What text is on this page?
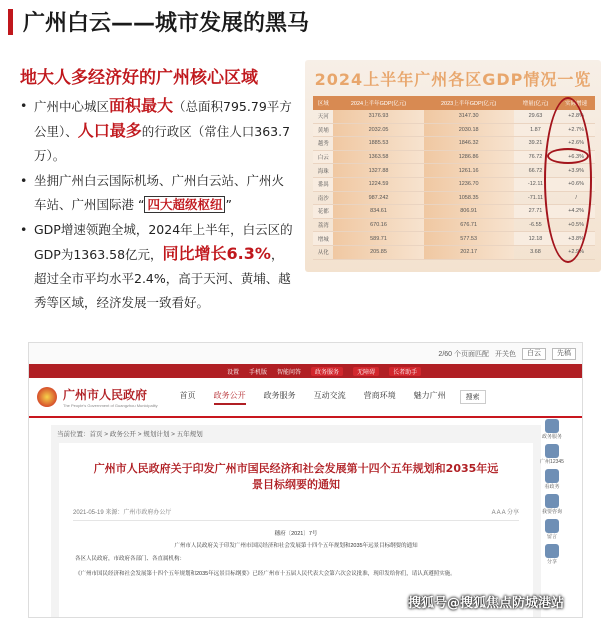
广州白云——城市发展的黑马
地大人多经济好的广州核心区域
• 广州中心城区面积最大（总面积795.79平方公里）、人口最多的行政区（常住人口363.7万）。
• 坐拥广州白云国际机场、广州白云站、广州火车站、广州国际港 “ 四大超级枢纽 ”
• GDP增速领跑全城，2024年上半年，白云区的GDP为1363.58亿元，同比增长6.3%，超过全市平均水平2.4%，高于天河、黄埔、越秀等区域，经济发展一致看好。
2024上半年广州各区GDP情况一览
区域	2024上半年GDP(亿元)	2023上半年GDP(亿元)	增量(亿元)	实际增速
天河	3176.93	3147.30	29.63	+2.8%
黄埔	2032.05	2030.18	1.87	+2.7%
越秀	1885.53	1846.32	39.21	+2.6%
白云	1363.58	1286.86	76.72	+6.3%
海珠	1327.88	1261.16	66.72	+3.9%
番禺	1224.59	1236.70	-12.11	+0.6%
南沙	987.242	1058.35	-71.11	/
花都	834.61	806.91	27.71	+4.2%
荔湾	670.16	676.71	-6.55	+0.5%
增城	589.71	577.53	12.18	+3.8%
从化	205.85	202.17	3.68	+2.9%
2/60 个页面匹配 开关色	白云	先稿
设置 手机版 智能问答	政务服务	无障碍	长者助手
广州市人民政府
The People's Government of Guangzhou Municipality
首页 政务公开 政务服务 互动交流 营商环境 魅力广州	搜索
当前位置：首页 > 政务公开 > 规划计划 > 五年规划
广州市人民政府关于印发广州市国民经济和社会发展第十四个五年规划和2035年远景目标纲要的通知
2021-05-19 来源：广州市政府办公厅	A A A 分享
穗府〔2021〕7号
广州市人民政府关于印发广州市国民经济和社会发展第十四个五年规划和2035年远景目标纲要的通知
各区人民政府，市政府各部门、各直属机构：
《广州市国民经济和社会发展第十四个五年规划和2035年远景目标纲要》已经广州市十五届人民代表大会第六次会议批准，现印发给你们，请认真遵照实施。
政务服务
广州12345
看政务
我要咨询
留言
分享
搜狐号@搜狐焦点防城港站
